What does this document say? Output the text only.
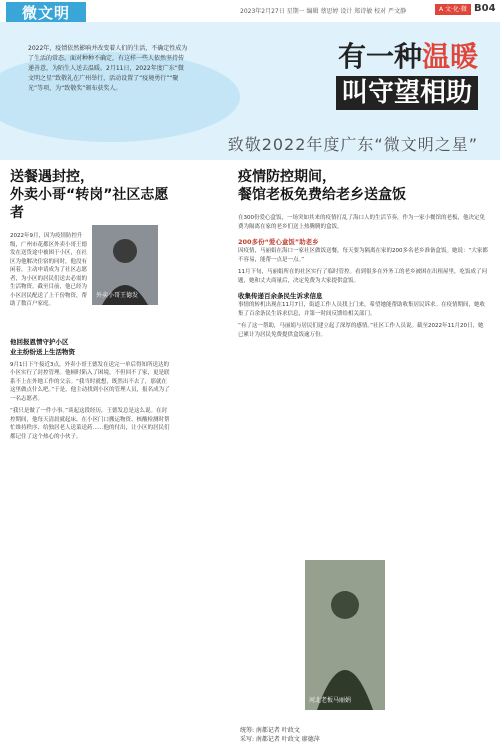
微文明	2023年2月27日 星期一 编辑 蔡思婷 设计 郑诗敏 校对 严文静	A 文·化·微 B04
2022年，疫情依然影响并改变着人们的生活，不确定性成为了生活的常态。面对种种不确定，有这样一些人依然坚持传递善意，为陌生人送去温暖。2月11日，2022年度广东“微文明之星”致敬礼在广州举行，活动设置了“疫境勇行”“聚光”等项，为“致敬奖”颁布获奖人。
有一种温暖
叫守望相助
致敬2022年度广东“微文明之星”
送餐遇封控，
外卖小哥“转岗”社区志愿者
2022年9月，因为疫情防控升级，广州市花都区外卖小哥王德发在送货途中被困于小区，在社区为他解决住宿的同时，他没有闲着，主动申请成为了社区志愿者，为小区的居民们送去必需的生活物资。截至目前，他已经为小区居民配送了上千份物资，帮助了数百户家庭。
他回报恩情守护小区
业主纷纷送上生活物资
9月1日下午接近3点，外卖小哥王德发在送完一单后得知所送达的小区实行了封控管理。他顿时陷入了困境，不但回不了家，更是联系不上在外地工作的父亲。“我当时就想，既然出不去了，那就在这里做点什么吧。”于是，他主动找到小区的管理人员，报名成为了一名志愿者。
“我只是做了一件小事。”谈起这段经历，王德发总是这么说。在封控期间，他每天清晨就起床，在小区门口搬运物资、核酸检测时帮忙维持秩序、给独居老人送菜送药……他的付出，让小区的居民们都记住了这个热心的小伙子。
外卖小哥王德发
疫情防控期间，
餐馆老板免费给老乡送盒饭
在300份爱心盒饭，一场突如其来的疫情打乱了海口人的生活节奏，作为一家小餐馆的老板，他决定免费为隔离在家的老乡们送上热腾腾的盒饭。
200多份“爱心盒饭”助老乡
因疫情，马丽娟在海口一家社区做饭送餐，每天要为隔离在家的200多名老乡准备盒饭。她说：“大家都不容易，能帮一点是一点。”
11月下旬，马丽娟所在的社区实行了临时管控。看到很多在外务工的老乡被困在出租屋里，吃饭成了问题，她和丈夫商量后，决定免费为大家提供盒饭。
收集传递百余条民生诉求信息
事情的转机出现在11月7日，街道工作人员找上门来，希望她能帮助收集居民诉求。在疫情期间，她收集了百余条民生诉求信息，并第一时间反馈给相关部门。
“有了这一帮助，马丽娟与居民们建立起了深厚的感情。”社区工作人员说。截至2022年11月20日，她已累计为居民免费提供盒饭逾万份。
河北老板马丽娟
统筹: 南都记者 叶政文
采写: 南都记者 叶政文 廖德萍
